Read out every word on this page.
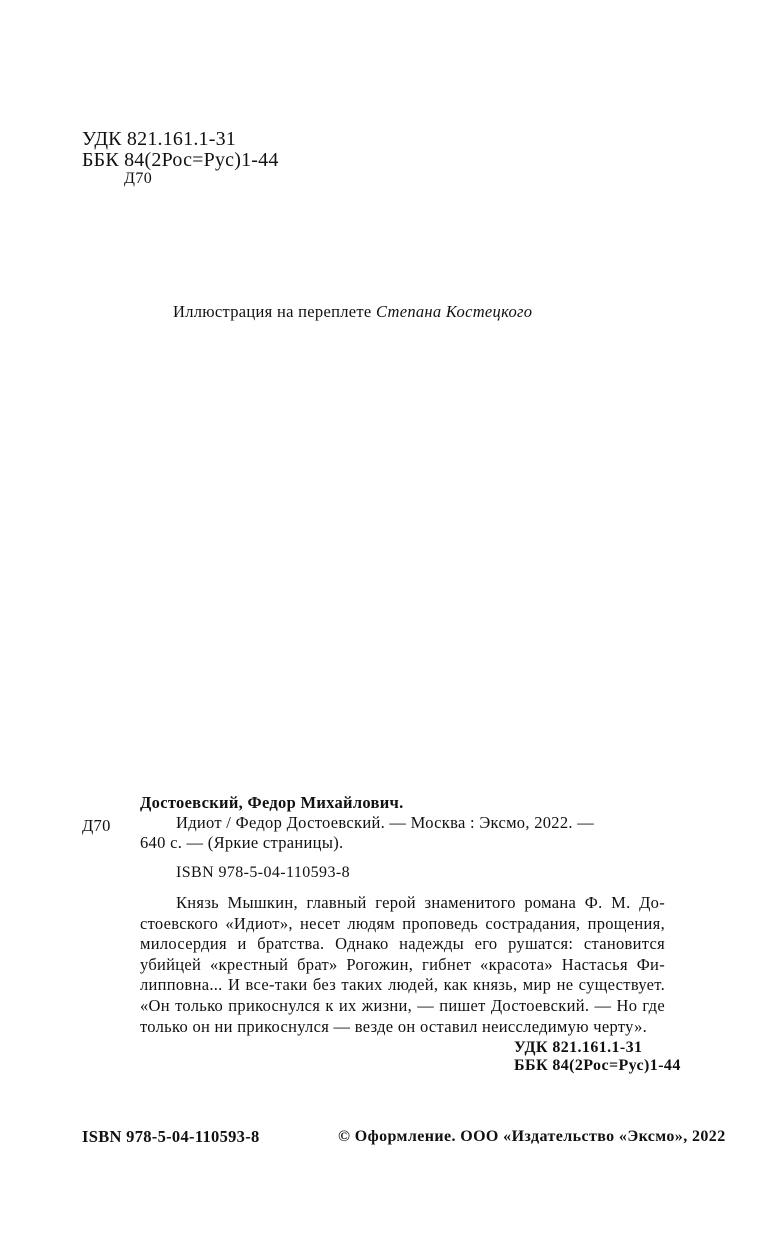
УДК 821.161.1-31

ББК 84(2Рос=Рус)1-44

Д70

Иллюстрация на переплете Степана Костецкого

Достоевский, Федор Михайлович.

Д70	Идиот / Федор Достоевский. — Москва : Эксмо, 2022. —

640 с. — (Яркие страницы).

ISBN 978-5-04-110593-8

Князь Мышкин, главный герой знаменитого романа Ф. М. До-
стоевского «Идиот», несет людям проповедь сострадания, прощения,
милосердия и братства. Однако надежды его рушатся: становится
убийцей «крестный брат» Рогожин, гибнет «красота» Настасья Фи-
липповна... И все-таки без таких людей, как князь, мир не существует.
«Он только прикоснулся к их жизни, — пишет Достоевский. — Но где
только он ни прикоснулся — везде он оставил неисследимую черту».

УДК 821.161.1-31

ББК 84(2Рос=Рус)1-44

ISBN 978-5-04-110593-8	© Оформление. ООО «Издательство «Эксмо», 2022
